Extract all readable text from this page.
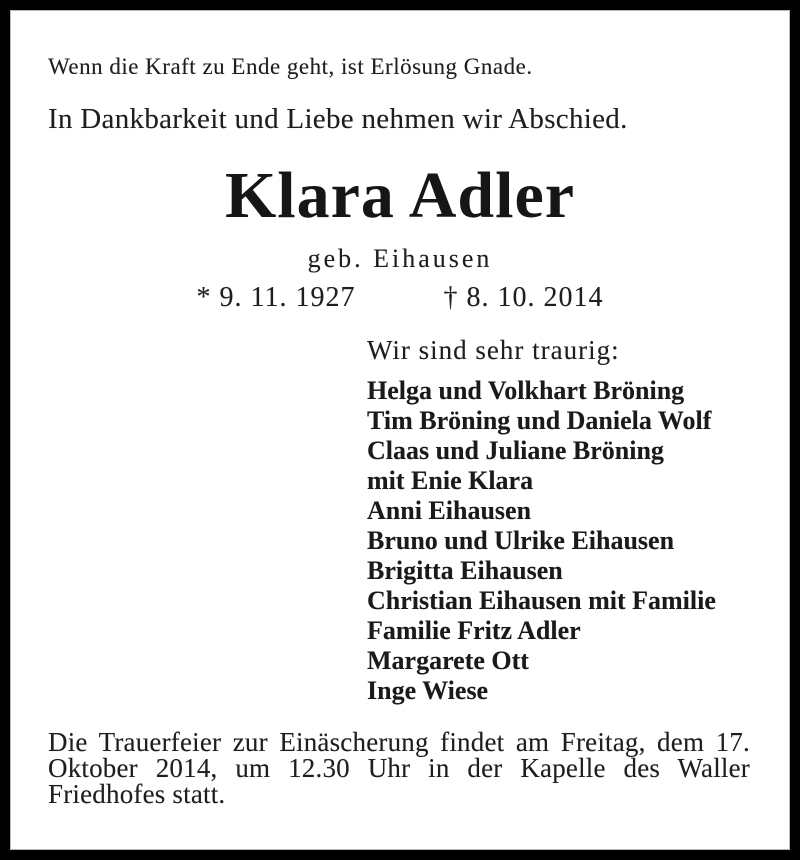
Wenn die Kraft zu Ende geht, ist Erlösung Gnade.
In Dankbarkeit und Liebe nehmen wir Abschied.
Klara Adler
geb. Eihausen
* 9. 11. 1927	† 8. 10. 2014
Wir sind sehr traurig:
Helga und Volkhart Bröning
Tim Bröning und Daniela Wolf
Claas und Juliane Bröning
mit Enie Klara
Anni Eihausen
Bruno und Ulrike Eihausen
Brigitta Eihausen
Christian Eihausen mit Familie
Familie Fritz Adler
Margarete Ott
Inge Wiese
Die Trauerfeier zur Einäscherung findet am Freitag, dem 17. Oktober 2014, um 12.30 Uhr in der Kapelle des Waller Friedhofes statt.
